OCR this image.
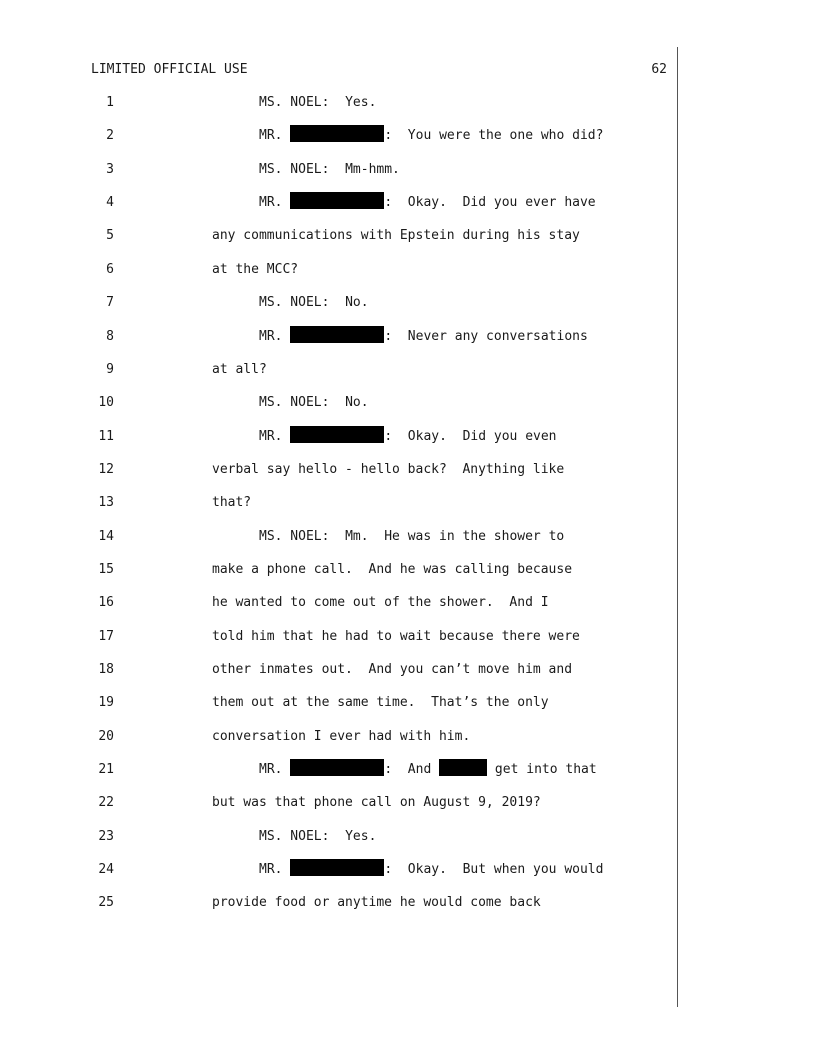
LIMITED OFFICIAL USE	62
1	MS. NOEL:  Yes.
2	MR.	:  You were the one who did?
3	MS. NOEL:  Mm-hmm.
4	MR.	:  Okay.  Did you ever have
5	any communications with Epstein during his stay
6	at the MCC?
7	MS. NOEL:  No.
8	MR.	:  Never any conversations
9	at all?
10	MS. NOEL:  No.
11	MR.	:  Okay.  Did you even
12	verbal say hello - hello back?  Anything like
13	that?
14	MS. NOEL:  Mm.  He was in the shower to
15	make a phone call.  And he was calling because
16	he wanted to come out of the shower.  And I
17	told him that he had to wait because there were
18	other inmates out.  And you can’t move him and
19	them out at the same time.  That’s the only
20	conversation I ever had with him.
21	MR.	:  And	get into that
22	but was that phone call on August 9, 2019?
23	MS. NOEL:  Yes.
24	MR.	:  Okay.  But when you would
25	provide food or anytime he would come back
